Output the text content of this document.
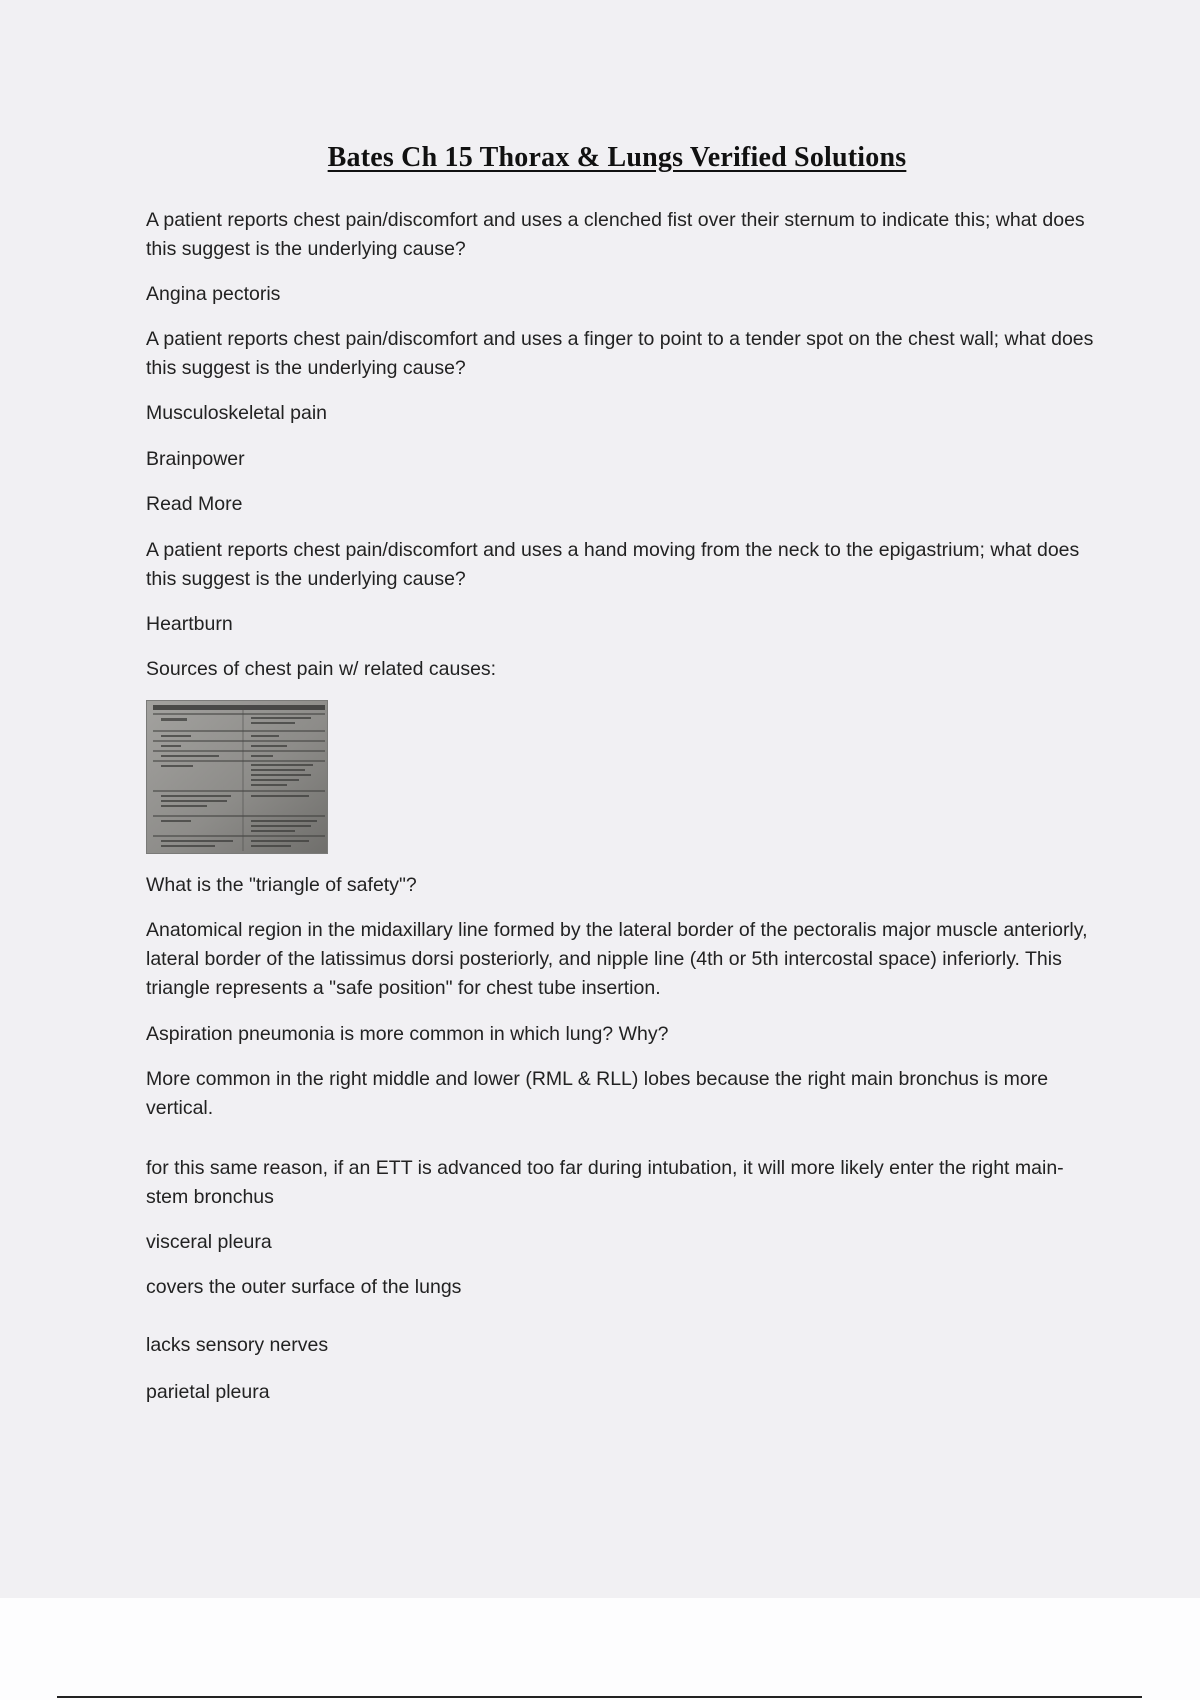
Bates Ch 15 Thorax & Lungs Verified Solutions

A patient reports chest pain/discomfort and uses a clenched fist over their sternum to indicate this; what does this suggest is the underlying cause?

Angina pectoris

A patient reports chest pain/discomfort and uses a finger to point to a tender spot on the chest wall; what does this suggest is the underlying cause?

Musculoskeletal pain

Brainpower

Read More

A patient reports chest pain/discomfort and uses a hand moving from the neck to the epigastrium; what does this suggest is the underlying cause?

Heartburn

Sources of chest pain w/ related causes:

What is the "triangle of safety"?

Anatomical region in the midaxillary line formed by the lateral border of the pectoralis major muscle anteriorly, lateral border of the latissimus dorsi posteriorly, and nipple line (4th or 5th intercostal space) inferiorly. This triangle represents a "safe position" for chest tube insertion.

Aspiration pneumonia is more common in which lung? Why?

More common in the right middle and lower (RML & RLL) lobes because the right main bronchus is more vertical.

for this same reason, if an ETT is advanced too far during intubation, it will more likely enter the right main-stem bronchus

visceral pleura

covers the outer surface of the lungs

lacks sensory nerves

parietal pleura
